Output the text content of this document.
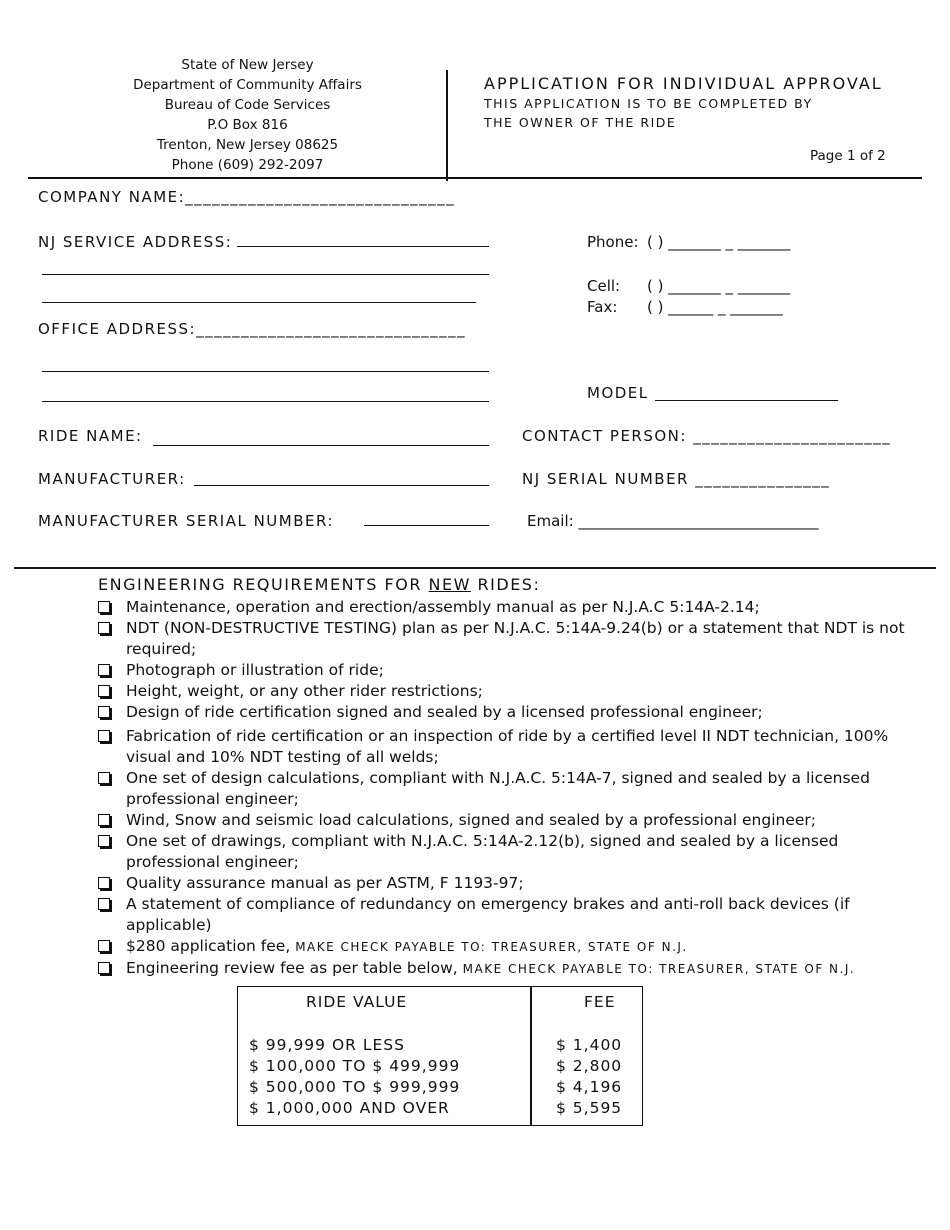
State of New Jersey
Department of Community Affairs
Bureau of Code Services
P.O Box 816
Trenton, New Jersey 08625
Phone (609) 292-2097
APPLICATION FOR INDIVIDUAL APPROVAL
THIS APPLICATION IS TO BE COMPLETED BY
THE OWNER OF THE RIDE
Page 1 of 2
COMPANY NAME:______________________________
NJ SERVICE ADDRESS:
OFFICE ADDRESS:______________________________
RIDE NAME:
MANUFACTURER:
MANUFACTURER SERIAL NUMBER:
Phone: ( ) _______ _ _______
Cell: ( ) _______ _ _______
Fax: ( ) ______ _ _______
MODEL
CONTACT PERSON: ______________________
NJ SERIAL NUMBER _______________
Email: ________________________________
ENGINEERING REQUIREMENTS FOR NEW RIDES:
Maintenance, operation and erection/assembly manual as per N.J.A.C 5:14A-2.14;
NDT (NON-DESTRUCTIVE TESTING) plan as per N.J.A.C. 5:14A-9.24(b) or a statement that NDT is not required;
Photograph or illustration of ride;
Height, weight, or any other rider restrictions;
Design of ride certification signed and sealed by a licensed professional engineer;
Fabrication of ride certification or an inspection of ride by a certified level II NDT technician, 100% visual and 10% NDT testing of all welds;
One set of design calculations, compliant with N.J.A.C. 5:14A-7, signed and sealed by a licensed professional engineer;
Wind, Snow and seismic load calculations, signed and sealed by a professional engineer;
One set of drawings, compliant with N.J.A.C. 5:14A-2.12(b), signed and sealed by a licensed professional engineer;
Quality assurance manual as per ASTM, F 1193-97;
A statement of compliance of redundancy on emergency brakes and anti-roll back devices (if applicable)
$280 application fee, MAKE CHECK PAYABLE TO: TREASURER, STATE OF N.J.
Engineering review fee as per table below, MAKE CHECK PAYABLE TO: TREASURER, STATE OF N.J.
RIDE VALUE	FEE
$ 99,999 OR LESS	$ 1,400
$ 100,000 TO $ 499,999	$ 2,800
$ 500,000 TO $ 999,999	$ 4,196
$ 1,000,000 AND OVER	$ 5,595
